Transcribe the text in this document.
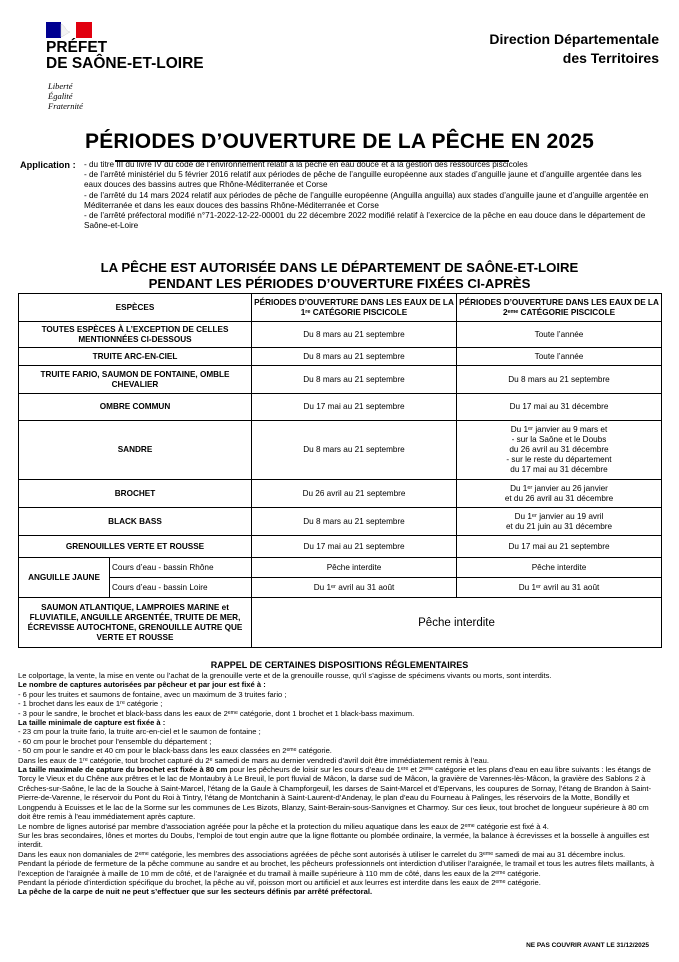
PRÉFET
DE SAÔNE-ET-LOIRE
Liberté
Égalité
Fraternité
Direction Départementale
des Territoires
PÉRIODES D’OUVERTURE DE LA PÊCHE EN 2025
Application : - du titre III du livre IV du code de l’environnement relatif à la pêche en eau douce et à la gestion des ressources piscicoles
- de l’arrêté ministériel du 5 février 2016 relatif aux périodes de pêche de l’anguille européenne aux stades d’anguille jaune et d’anguille argentée dans les eaux douces des bassins autres que Rhône-Méditerranée et Corse
- de l’arrêté du 14 mars 2024 relatif aux périodes de pêche de l’anguille européenne (Anguilla anguilla) aux stades d’anguille jaune et d’anguille argentée en Méditerranée et dans les eaux douces des bassins Rhône-Méditerranée et Corse
- de l’arrêté préfectoral modifié n°71-2022-12-22-00001 du 22 décembre 2022 modifié relatif à l’exercice de la pêche en eau douce dans le département de Saône-et-Loire
LA PÊCHE EST AUTORISÉE DANS LE DÉPARTEMENT DE SAÔNE-ET-LOIRE
PENDANT LES PÉRIODES D’OUVERTURE FIXÉES CI-APRÈS
ESPÈCES		PÉRIODES D’OUVERTURE DANS LES EAUX DE LA 1ʳᵉ CATÉGORIE PISCICOLE	PÉRIODES D’OUVERTURE DANS LES EAUX DE LA 2ᵉᵐᵉ CATÉGORIE PISCICOLE
TOUTES ESPÈCES À L’EXCEPTION DE CELLES MENTIONNÉES CI-DESSOUS		Du 8 mars au 21 septembre	Toute l’année
TRUITE ARC-EN-CIEL		Du 8 mars au 21 septembre	Toute l’année
TRUITE FARIO, SAUMON DE FONTAINE, OMBLE CHEVALIER		Du 8 mars au 21 septembre	Du 8 mars au 21 septembre
OMBRE COMMUN		Du 17 mai au 21 septembre	Du 17 mai au 31 décembre
SANDRE		Du 8 mars au 21 septembre	Du 1ᵉʳ janvier au 9 mars et
- sur la Saône et le Doubs
du 26 avril au 31 décembre
- sur le reste du département
du 17 mai au 31 décembre
BROCHET		Du 26 avril au 21 septembre	Du 1ᵉʳ janvier au 26 janvier
et du 26 avril au 31 décembre
BLACK BASS		Du 8 mars au 21 septembre	Du 1ᵉʳ janvier au 19 avril
et du 21 juin au 31 décembre
GRENOUILLES VERTE ET ROUSSE		Du 17 mai au 21 septembre	Du 17 mai au 21 septembre
ANGUILLE JAUNE	Cours d’eau - bassin Rhône	Pêche interdite	Pêche interdite
	Cours d’eau - bassin Loire	Du 1ᵉʳ avril au 31 août	Du 1ᵉʳ avril au 31 août
SAUMON ATLANTIQUE, LAMPROIES MARINE et FLUVIATILE, ANGUILLE ARGENTÉE, TRUITE DE MER, ÉCREVISSE AUTOCHTONE, GRENOUILLE AUTRE QUE VERTE ET ROUSSE		Pêche interdite	
RAPPEL DE CERTAINES DISPOSITIONS RÉGLEMENTAIRES

Le colportage, la vente, la mise en vente ou l’achat de la grenouille verte et de la grenouille rousse, qu’il s’agisse de spécimens vivants ou morts, sont interdits.

Le nombre de captures autorisées par pêcheur et par jour est fixé à :

- 6 pour les truites et saumons de fontaine, avec un maximum de 3 truites fario ;

- 1 brochet dans les eaux de 1ʳᵉ catégorie ;

- 3 pour le sandre, le brochet et black-bass dans les eaux de 2ᵉᵐᵉ catégorie, dont 1 brochet et 1 black-bass maximum.

La taille minimale de capture est fixée à :

- 23 cm pour la truite fario, la truite arc-en-ciel et le saumon de fontaine ;

- 60 cm pour le brochet pour l’ensemble du département ;

- 50 cm pour le sandre et 40 cm pour le black-bass dans les eaux classées en 2ᵉᵐᵉ catégorie.

Dans les eaux de 1ʳᵉ catégorie, tout brochet capturé du 2ᵉ samedi de mars au dernier vendredi d’avril doit être immédiatement remis à l’eau.

La taille maximale de capture du brochet est fixée à 80 cm pour les pêcheurs de loisir sur les cours d’eau de 1ᵉʳᵉ et 2ᵉᵐᵉ catégorie et les plans d’eau en eau libre suivants : les étangs de Torcy le Vieux et du Chêne aux prêtres et le lac de Montaubry à Le Breuil, le port fluvial de Mâcon, la darse sud de Mâcon, la gravière de Varennes-lès-Mâcon, la gravière des Sablons 2 à Crêches-sur-Saône, le lac de la Souche à Saint-Marcel, l’étang de la Gaule à Champforgeuil, les darses de Saint-Marcel et d’Epervans, les coupures de Sornay, l’étang de Brandon à Saint-Pierre-de-Varenne, le réservoir du Pont du Roi à Tintry, l’étang de Montchanin à Saint-Laurent-d’Andenay, le plan d’eau du Fourneau à Palinges, les réservoirs de la Motte, Bondilly et Longpendu à Ecuisses et le lac de la Sorme sur les communes de Les Bizots, Blanzy, Saint-Berain-sous-Sanvignes et Charmoy. Sur ces lieux, tout brochet de longueur supérieure à 80 cm doit être remis à l’eau immédiatement après capture.

Le nombre de lignes autorisé par membre d’association agréée pour la pêche et la protection du milieu aquatique dans les eaux de 2ᵉᵐᵉ catégorie est fixé à 4.

Sur les bras secondaires, lônes et mortes du Doubs, l’emploi de tout engin autre que la ligne flottante ou plombée ordinaire, la vermée, la balance à écrevisses et la bosselle à anguilles est interdit.

Dans les eaux non domaniales de 2ᵉᵐᵉ catégorie, les membres des associations agréées de pêche sont autorisés à utiliser le carrelet du 3ᵉᵐᵉ samedi de mai au 31 décembre inclus.

Pendant la période de fermeture de la pêche commune au sandre et au brochet, les pêcheurs professionnels ont interdiction d’utiliser l’araignée, le tramail et tous les autres filets maillants, à l’exception de l’araignée à maille de 10 mm de côté, et de l’araignée et du tramail à maille supérieure à 110 mm de côté, dans les eaux de la 2ᵉᵐᵉ catégorie.

Pendant la période d’interdiction spécifique du brochet, la pêche au vif, poisson mort ou artificiel et aux leurres est interdite dans les eaux de 2ᵉᵐᵉ catégorie.

La pêche de la carpe de nuit ne peut s’effectuer que sur les secteurs définis par arrêté préfectoral.

NE PAS COUVRIR AVANT LE 31/12/2025
